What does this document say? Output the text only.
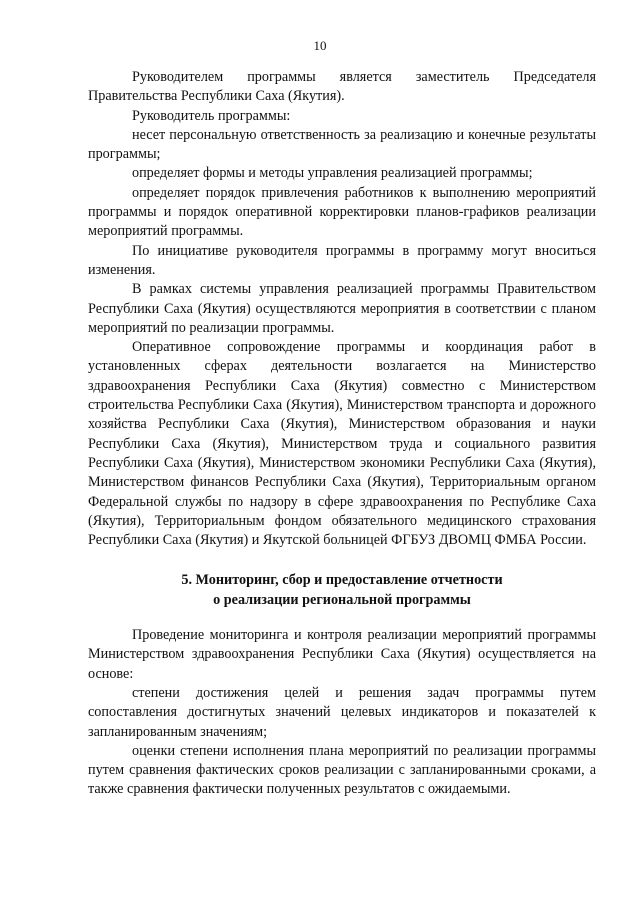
10

Руководителем программы является заместитель Председателя Правительства Республики Саха (Якутия).

Руководитель программы:

несет персональную ответственность за реализацию и конечные результаты программы;

определяет формы и методы управления реализацией программы;

определяет порядок привлечения работников к выполнению мероприятий программы и порядок оперативной корректировки планов-графиков реализации мероприятий программы.

По инициативе руководителя программы в программу могут вноситься изменения.

В рамках системы управления реализацией программы Правительством Республики Саха (Якутия) осуществляются мероприятия в соответствии с планом мероприятий по реализации программы.

Оперативное сопровождение программы и координация работ в установленных сферах деятельности возлагается на Министерство здравоохранения Республики Саха (Якутия) совместно с Министерством строительства Республики Саха (Якутия), Министерством транспорта и дорожного хозяйства Республики Саха (Якутия), Министерством образования и науки Республики Саха (Якутия), Министерством труда и социального развития Республики Саха (Якутия), Министерством экономики Республики Саха (Якутия), Министерством финансов Республики Саха (Якутия), Территориальным органом Федеральной службы по надзору в сфере здравоохранения по Республике Саха (Якутия), Территориальным фондом обязательного медицинского страхования Республики Саха (Якутия) и Якутской больницей ФГБУЗ ДВОМЦ ФМБА России.

5. Мониторинг, сбор и предоставление отчетности
о реализации региональной программы

Проведение мониторинга и контроля реализации мероприятий программы Министерством здравоохранения Республики Саха (Якутия) осуществляется на основе:

степени достижения целей и решения задач программы путем сопоставления достигнутых значений целевых индикаторов и показателей к запланированным значениям;

оценки степени исполнения плана мероприятий по реализации программы путем сравнения фактических сроков реализации с запланированными сроками, а также сравнения фактически полученных результатов с ожидаемыми.
